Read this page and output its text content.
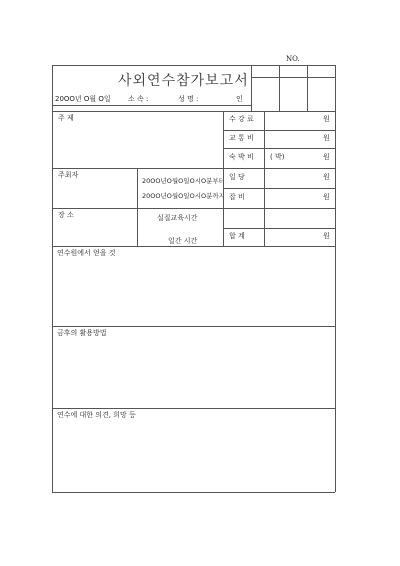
NO.
사외연수참가보고서
20OO년 O월 O일 소 속 :	성 명 :	인
주 제
주최자
20OO년O월O일O시O분부터
20OO년O월O일O시O분까지
장 소	실질교육시간
일간 시간
수 강 료	원
교 통 비	원
숙 박 비 ( 박)	원
일 당	원
잡 비	원
합 계	원
연수원에서 얻을 것
금후의 활용방법
연수에 대한 의견, 희망 등
